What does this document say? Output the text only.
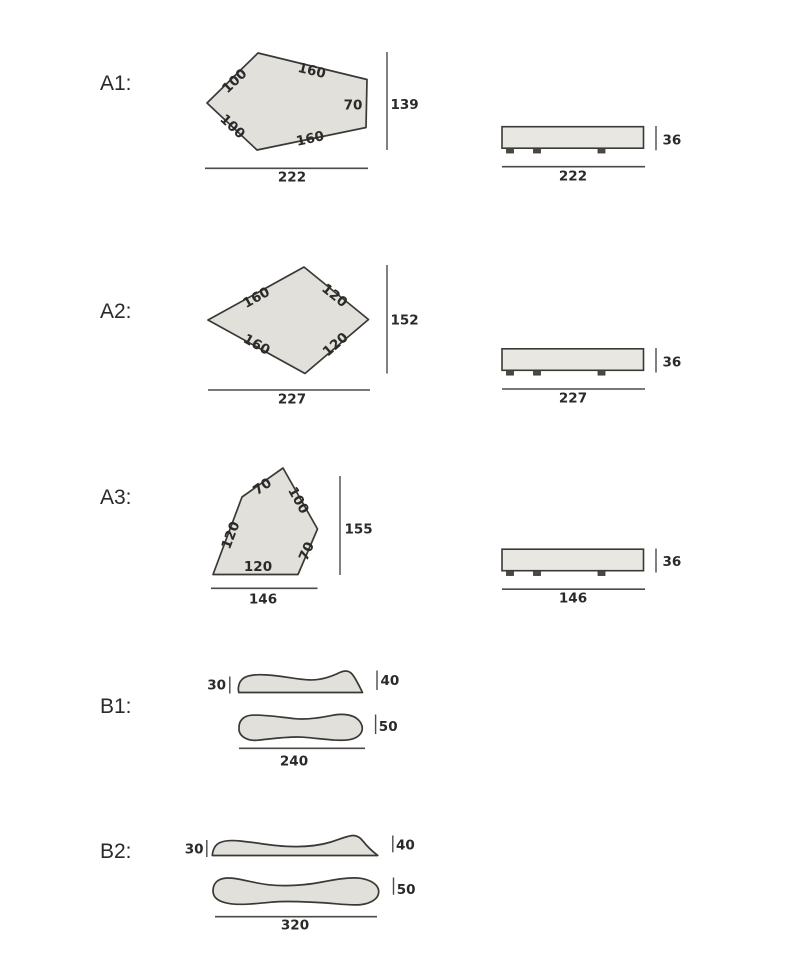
A1:	100	160
70
160
100
139
222
36
222
A2:	160	120
160	120
152
227
36
227
A3:	70 100
120
120
70
155
146
36
146
B1:
30	40
50
240
B2:	30	40
50
320
